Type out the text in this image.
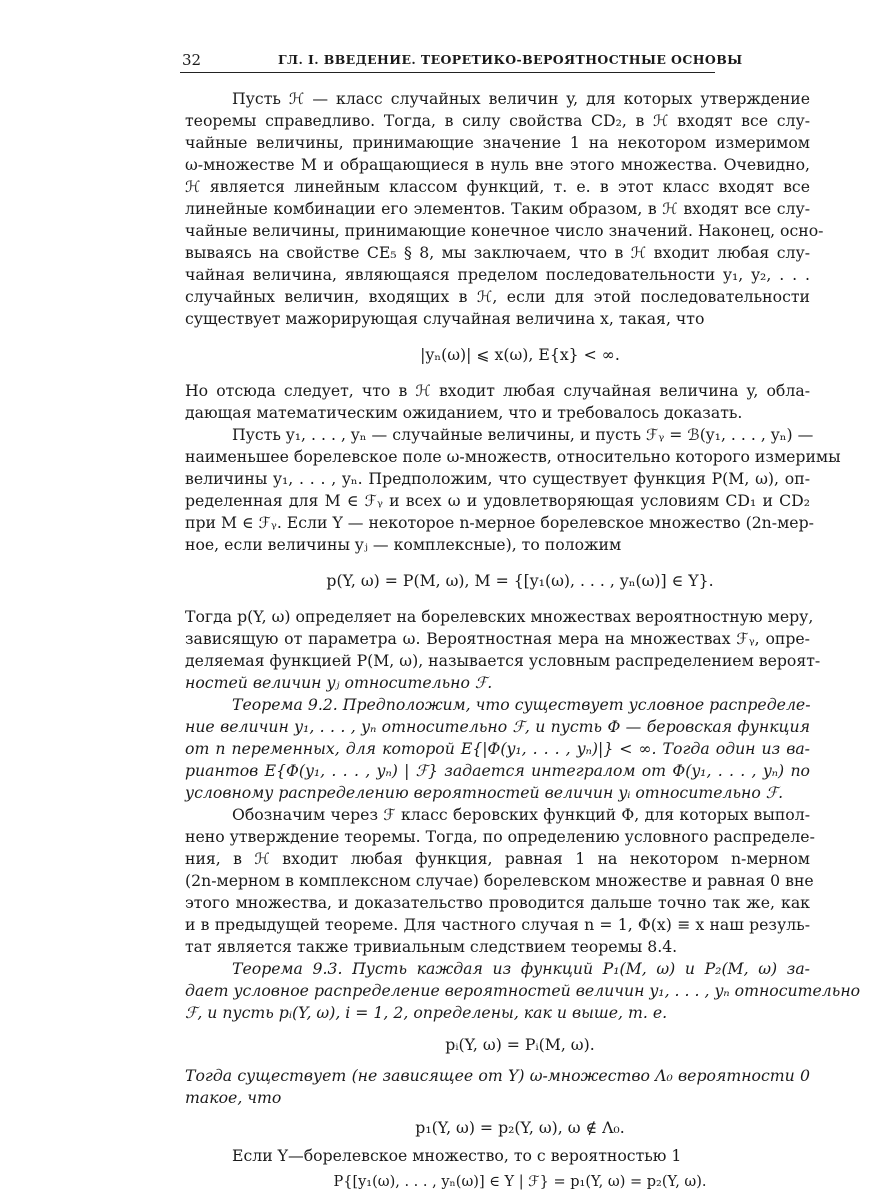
32	ГЛ. I. ВВЕДЕНИЕ. ТЕОРЕТИКО-ВЕРОЯТНОСТНЫЕ ОСНОВЫ
Пусть ℋ — класс случайных величин y, для которых утверждение
теоремы справедливо. Тогда, в силу свойства CD₂, в ℋ входят все слу-
чайные величины, принимающие значение 1 на некотором измеримом
ω-множестве M и обращающиеся в нуль вне этого множества. Очевидно,
ℋ является линейным классом функций, т. е. в этот класс входят все
линейные комбинации его элементов. Таким образом, в ℋ входят все слу-
чайные величины, принимающие конечное число значений. Наконец, осно-
вываясь на свойстве CE₅ § 8, мы заключаем, что в ℋ входит любая слу-
чайная величина, являющаяся пределом последовательности y₁, y₂, . . .
случайных величин, входящих в ℋ, если для этой последовательности
существует мажорирующая случайная величина x, такая, что
|yₙ(ω)| ⩽ x(ω), E{x} < ∞.
Но отсюда следует, что в ℋ входит любая случайная величина y, обла-
дающая математическим ожиданием, что и требовалось доказать.
Пусть y₁, . . . , yₙ — случайные величины, и пусть ℱᵧ = ℬ(y₁, . . . , yₙ) —
наименьшее борелевское поле ω-множеств, относительно которого измеримы
величины y₁, . . . , yₙ. Предположим, что существует функция P(M, ω), оп-
ределенная для M ∈ ℱᵧ и всех ω и удовлетворяющая условиям CD₁ и CD₂
при M ∈ ℱᵧ. Если Y — некоторое n-мерное борелевское множество (2n-мер-
ное, если величины yⱼ — комплексные), то положим
p(Y, ω) = P(M, ω), M = {[y₁(ω), . . . , yₙ(ω)] ∈ Y}.
Тогда p(Y, ω) определяет на борелевских множествах вероятностную меру,
зависящую от параметра ω. Вероятностная мера на множествах ℱᵧ, опре-
деляемая функцией P(M, ω), называется условным распределением вероят-
ностей величин yⱼ относительно ℱ.
Теорема 9.2. Предположим, что существует условное распределе-
ние величин y₁, . . . , yₙ относительно ℱ, и пусть Φ — беровская функция
от n переменных, для которой E{|Φ(y₁, . . . , yₙ)|} < ∞. Тогда один из ва-
риантов E{Φ(y₁, . . . , yₙ) | ℱ} задается интегралом от Φ(y₁, . . . , yₙ) по
условному распределению вероятностей величин yᵢ относительно ℱ.
Обозначим через ℱ класс беровских функций Φ, для которых выпол-
нено утверждение теоремы. Тогда, по определению условного распределе-
ния, в ℋ входит любая функция, равная 1 на некотором n-мерном
(2n-мерном в комплексном случае) борелевском множестве и равная 0 вне
этого множества, и доказательство проводится дальше точно так же, как
и в предыдущей теореме. Для частного случая n = 1, Φ(x) ≡ x наш резуль-
тат является также тривиальным следствием теоремы 8.4.
Теорема 9.3. Пусть каждая из функций P₁(M, ω) и P₂(M, ω) за-
дает условное распределение вероятностей величин y₁, . . . , yₙ относительно
ℱ, и пусть pᵢ(Y, ω), i = 1, 2, определены, как и выше, т. е.
pᵢ(Y, ω) = Pᵢ(M, ω).
Тогда существует (не зависящее от Y) ω-множество Λ₀ вероятности 0
такое, что
p₁(Y, ω) = p₂(Y, ω), ω ∉ Λ₀.
Если Y—борелевское множество, то с вероятностью 1
P{[y₁(ω), . . . , yₙ(ω)] ∈ Y | ℱ} = p₁(Y, ω) = p₂(Y, ω).
